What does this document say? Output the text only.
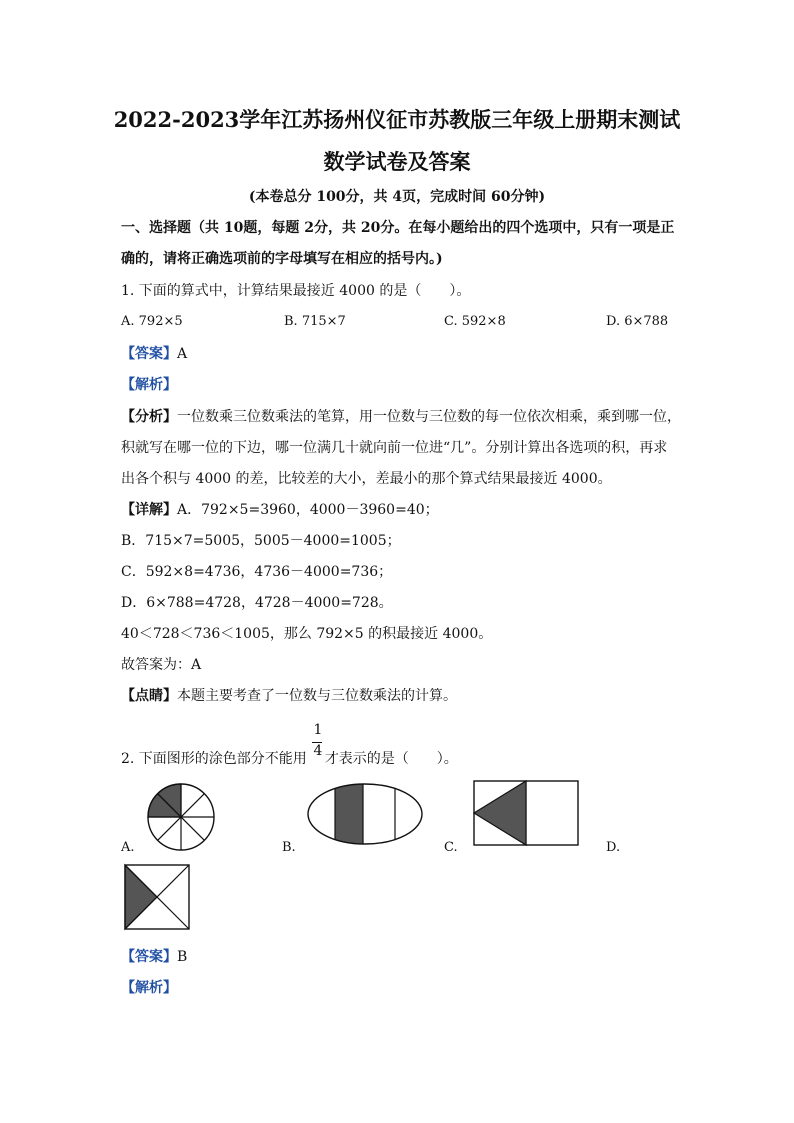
2022-2023学年江苏扬州仪征市苏教版三年级上册期末测试
数学试卷及答案
(本卷总分 100分，共 4页，完成时间 60分钟)
一、选择题（共 10题，每题 2分，共 20分。在每小题给出的四个选项中，只有一项是正
确的，请将正确选项前的字母填写在相应的括号内。)
1. 下面的算式中，计算结果最接近 4000 的是（　　）。
A. 792×5	B. 715×7	C. 592×8	D. 6×788
【答案】A
【解析】
【分析】一位数乘三位数乘法的笔算，用一位数与三位数的每一位依次相乘，乘到哪一位，
积就写在哪一位的下边，哪一位满几十就向前一位进“几”。分别计算出各选项的积，再求
出各个积与 4000 的差，比较差的大小，差最小的那个算式结果最接近 4000。
【详解】A．792×5=3960，4000－3960=40；
B．715×7=5005，5005－4000=1005；
C．592×8=4736，4736－4000=736；
D．6×788=4728，4728－4000=728。
40＜728＜736＜1005，那么 792×5 的积最接近 4000。
故答案为：A
【点睛】本题主要考查了一位数与三位数乘法的计算。
2. 下面图形的涂色部分不能用 才表示的是（　　）。
1
4
A.	B.	C.	D.
【答案】B
【解析】
